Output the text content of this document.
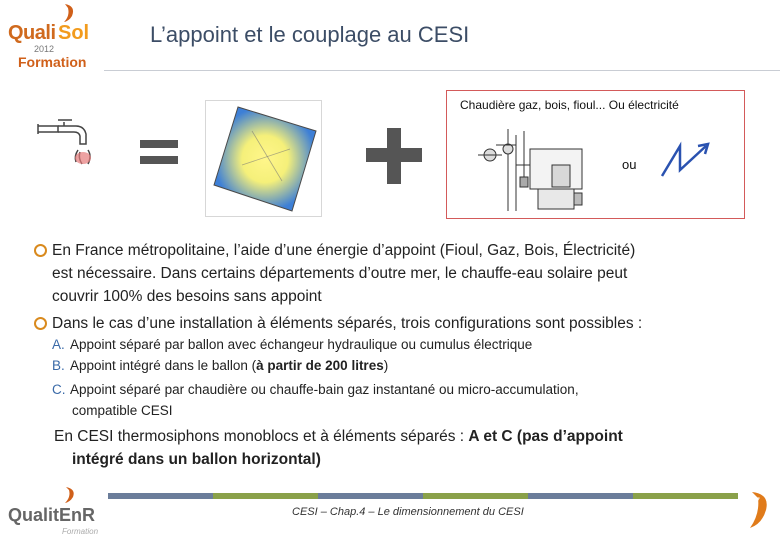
Quali Sol
2012
Formation
L’appoint et le couplage au CESI
Chaudière gaz, bois, fioul... Ou électricité
ou
En France métropolitaine, l’aide d’une énergie d’appoint (Fioul, Gaz, Bois, Électricité)
est nécessaire. Dans certains départements d’outre mer, le chauffe-eau solaire peut
couvrir 100% des besoins sans appoint
Dans le cas d’une installation à éléments séparés, trois configurations sont possibles :
A. Appoint séparé par ballon avec échangeur hydraulique ou cumulus électrique
B. Appoint intégré dans le ballon (à partir de 200 litres)
C. Appoint séparé par chaudière ou chauffe-bain gaz instantané ou micro-accumulation,
compatible CESI
En CESI thermosiphons monoblocs et à éléments séparés : A et C (pas d’appoint
intégré dans un ballon horizontal)
QualitEnR
Formation
CESI – Chap.4 – Le dimensionnement du CESI
7
